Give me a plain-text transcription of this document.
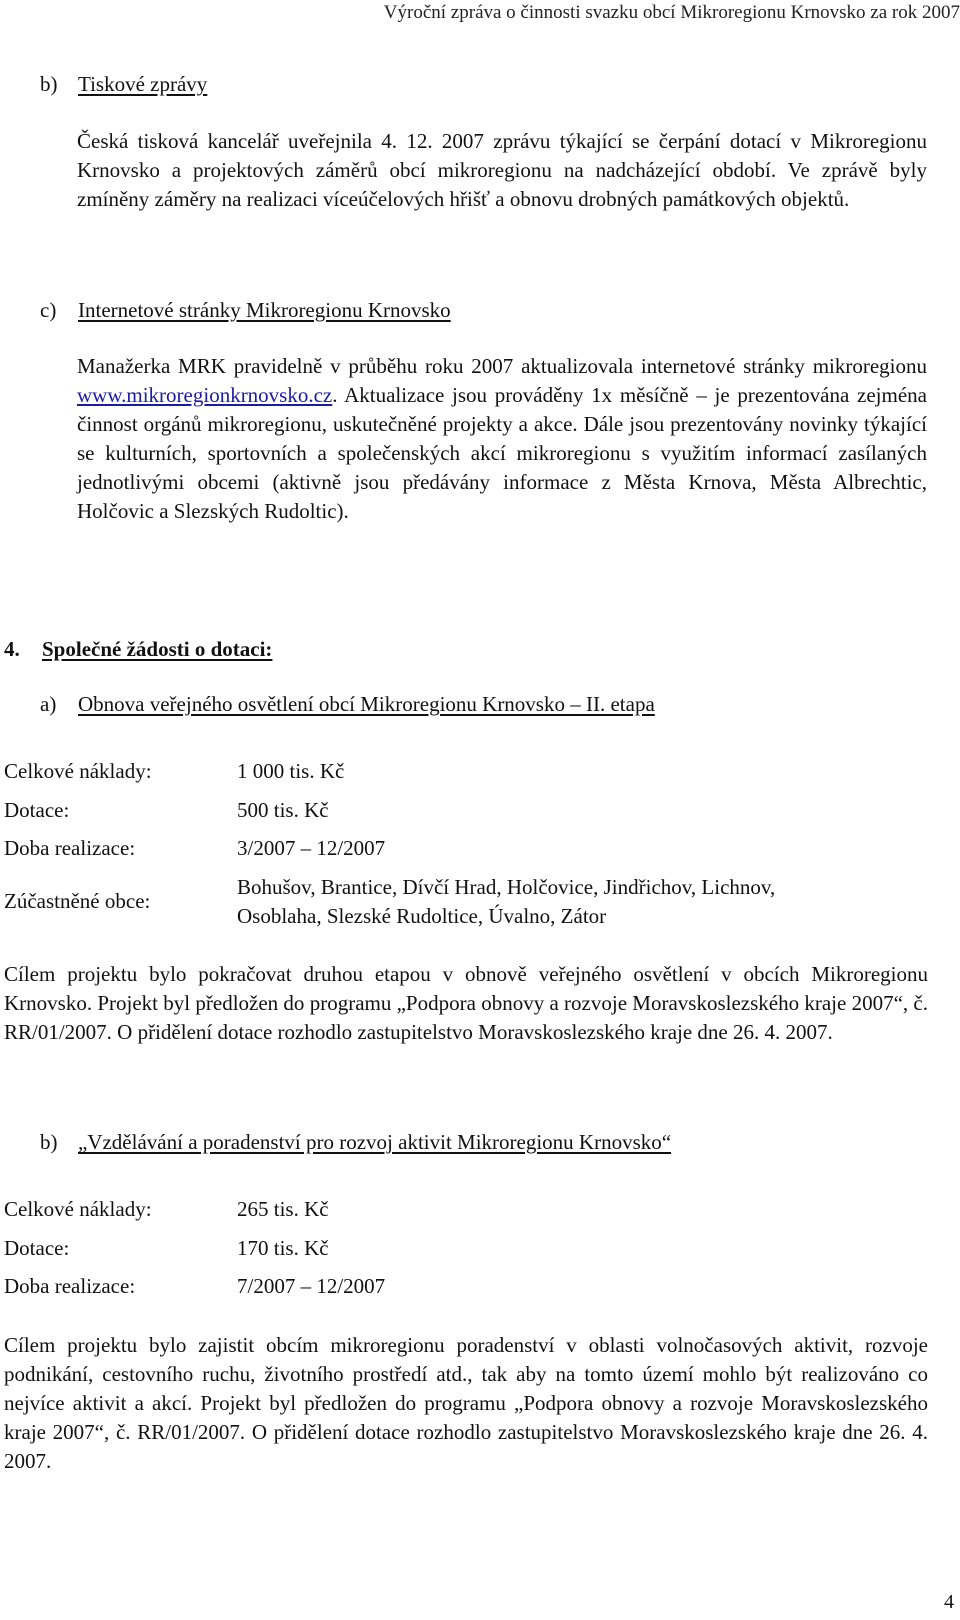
Výroční zpráva o činnosti svazku obcí Mikroregionu Krnovsko za rok 2007
b) Tiskové zprávy

Česká tisková kancelář uveřejnila 4. 12. 2007 zprávu týkající se čerpání dotací v Mikroregionu Krnovsko a projektových záměrů obcí mikroregionu na nadcházející období. Ve zprávě byly zmíněny záměry na realizaci víceúčelových hřišť a obnovu drobných památkových objektů.

c) Internetové stránky Mikroregionu Krnovsko

Manažerka MRK pravidelně v průběhu roku 2007 aktualizovala internetové stránky mikroregionu www.mikroregionkrnovsko.cz. Aktualizace jsou prováděny 1x měsíčně – je prezentována zejména činnost orgánů mikroregionu, uskutečněné projekty a akce. Dále jsou prezentovány novinky týkající se kulturních, sportovních a společenských akcí mikroregionu s využitím informací zasílaných jednotlivými obcemi (aktivně jsou předávány informace z Města Krnova, Města Albrechtic, Holčovic a Slezských Rudoltic).

4. Společné žádosti o dotaci:
a) Obnova veřejného osvětlení obcí Mikroregionu Krnovsko – II. etapa
Celkové náklady:	1 000 tis. Kč
Dotace:	500 tis. Kč
Doba realizace:	3/2007 – 12/2007
Zúčastněné obce:
Bohušov, Brantice, Dívčí Hrad, Holčovice, Jindřichov, Lichnov,
Osoblaha, Slezské Rudoltice, Úvalno, Zátor

Cílem projektu bylo pokračovat druhou etapou v obnově veřejného osvětlení v obcích Mikroregionu Krnovsko. Projekt byl předložen do programu „Podpora obnovy a rozvoje Moravskoslezského kraje 2007“, č. RR/01/2007. O přidělení dotace rozhodlo zastupitelstvo Moravskoslezského kraje dne 26. 4. 2007.

b) „Vzdělávání a poradenství pro rozvoj aktivit Mikroregionu Krnovsko“
Celkové náklady:	265 tis. Kč
Dotace:	170 tis. Kč
Doba realizace:	7/2007 – 12/2007

Cílem projektu bylo zajistit obcím mikroregionu poradenství v oblasti volnočasových aktivit, rozvoje podnikání, cestovního ruchu, životního prostředí atd., tak aby na tomto území mohlo být realizováno co nejvíce aktivit a akcí. Projekt byl předložen do programu „Podpora obnovy a rozvoje Moravskoslezského kraje 2007“, č. RR/01/2007. O přidělení dotace rozhodlo zastupitelstvo Moravskoslezského kraje dne 26. 4. 2007.

4
